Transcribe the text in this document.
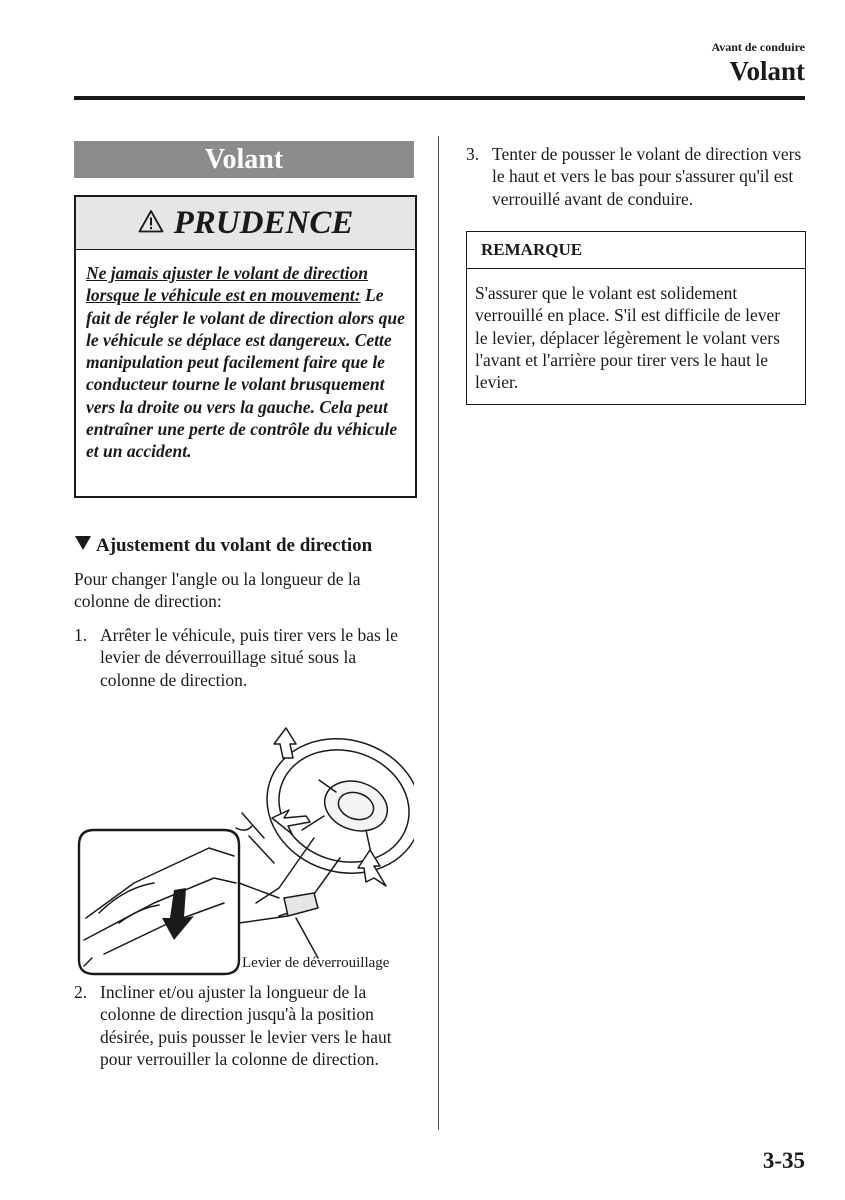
Avant de conduire
Volant
Volant
PRUDENCE
Ne jamais ajuster le volant de direction lorsque le véhicule est en mouvement: Le fait de régler le volant de direction alors que le véhicule se déplace est dangereux. Cette manipulation peut facilement faire que le conducteur tourne le volant brusquement vers la droite ou vers la gauche. Cela peut entraîner une perte de contrôle du véhicule et un accident.
Ajustement du volant de direction
Pour changer l'angle ou la longueur de la colonne de direction:
1. Arrêter le véhicule, puis tirer vers le bas le levier de déverrouillage situé sous la colonne de direction.
Levier de déverrouillage
2. Incliner et/ou ajuster la longueur de la colonne de direction jusqu'à la position désirée, puis pousser le levier vers le haut pour verrouiller la colonne de direction.
3. Tenter de pousser le volant de direction vers le haut et vers le bas pour s'assurer qu'il est verrouillé avant de conduire.
REMARQUE
S'assurer que le volant est solidement verrouillé en place. S'il est difficile de lever le levier, déplacer légèrement le volant vers l'avant et l'arrière pour tirer vers le haut le levier.
3-35
